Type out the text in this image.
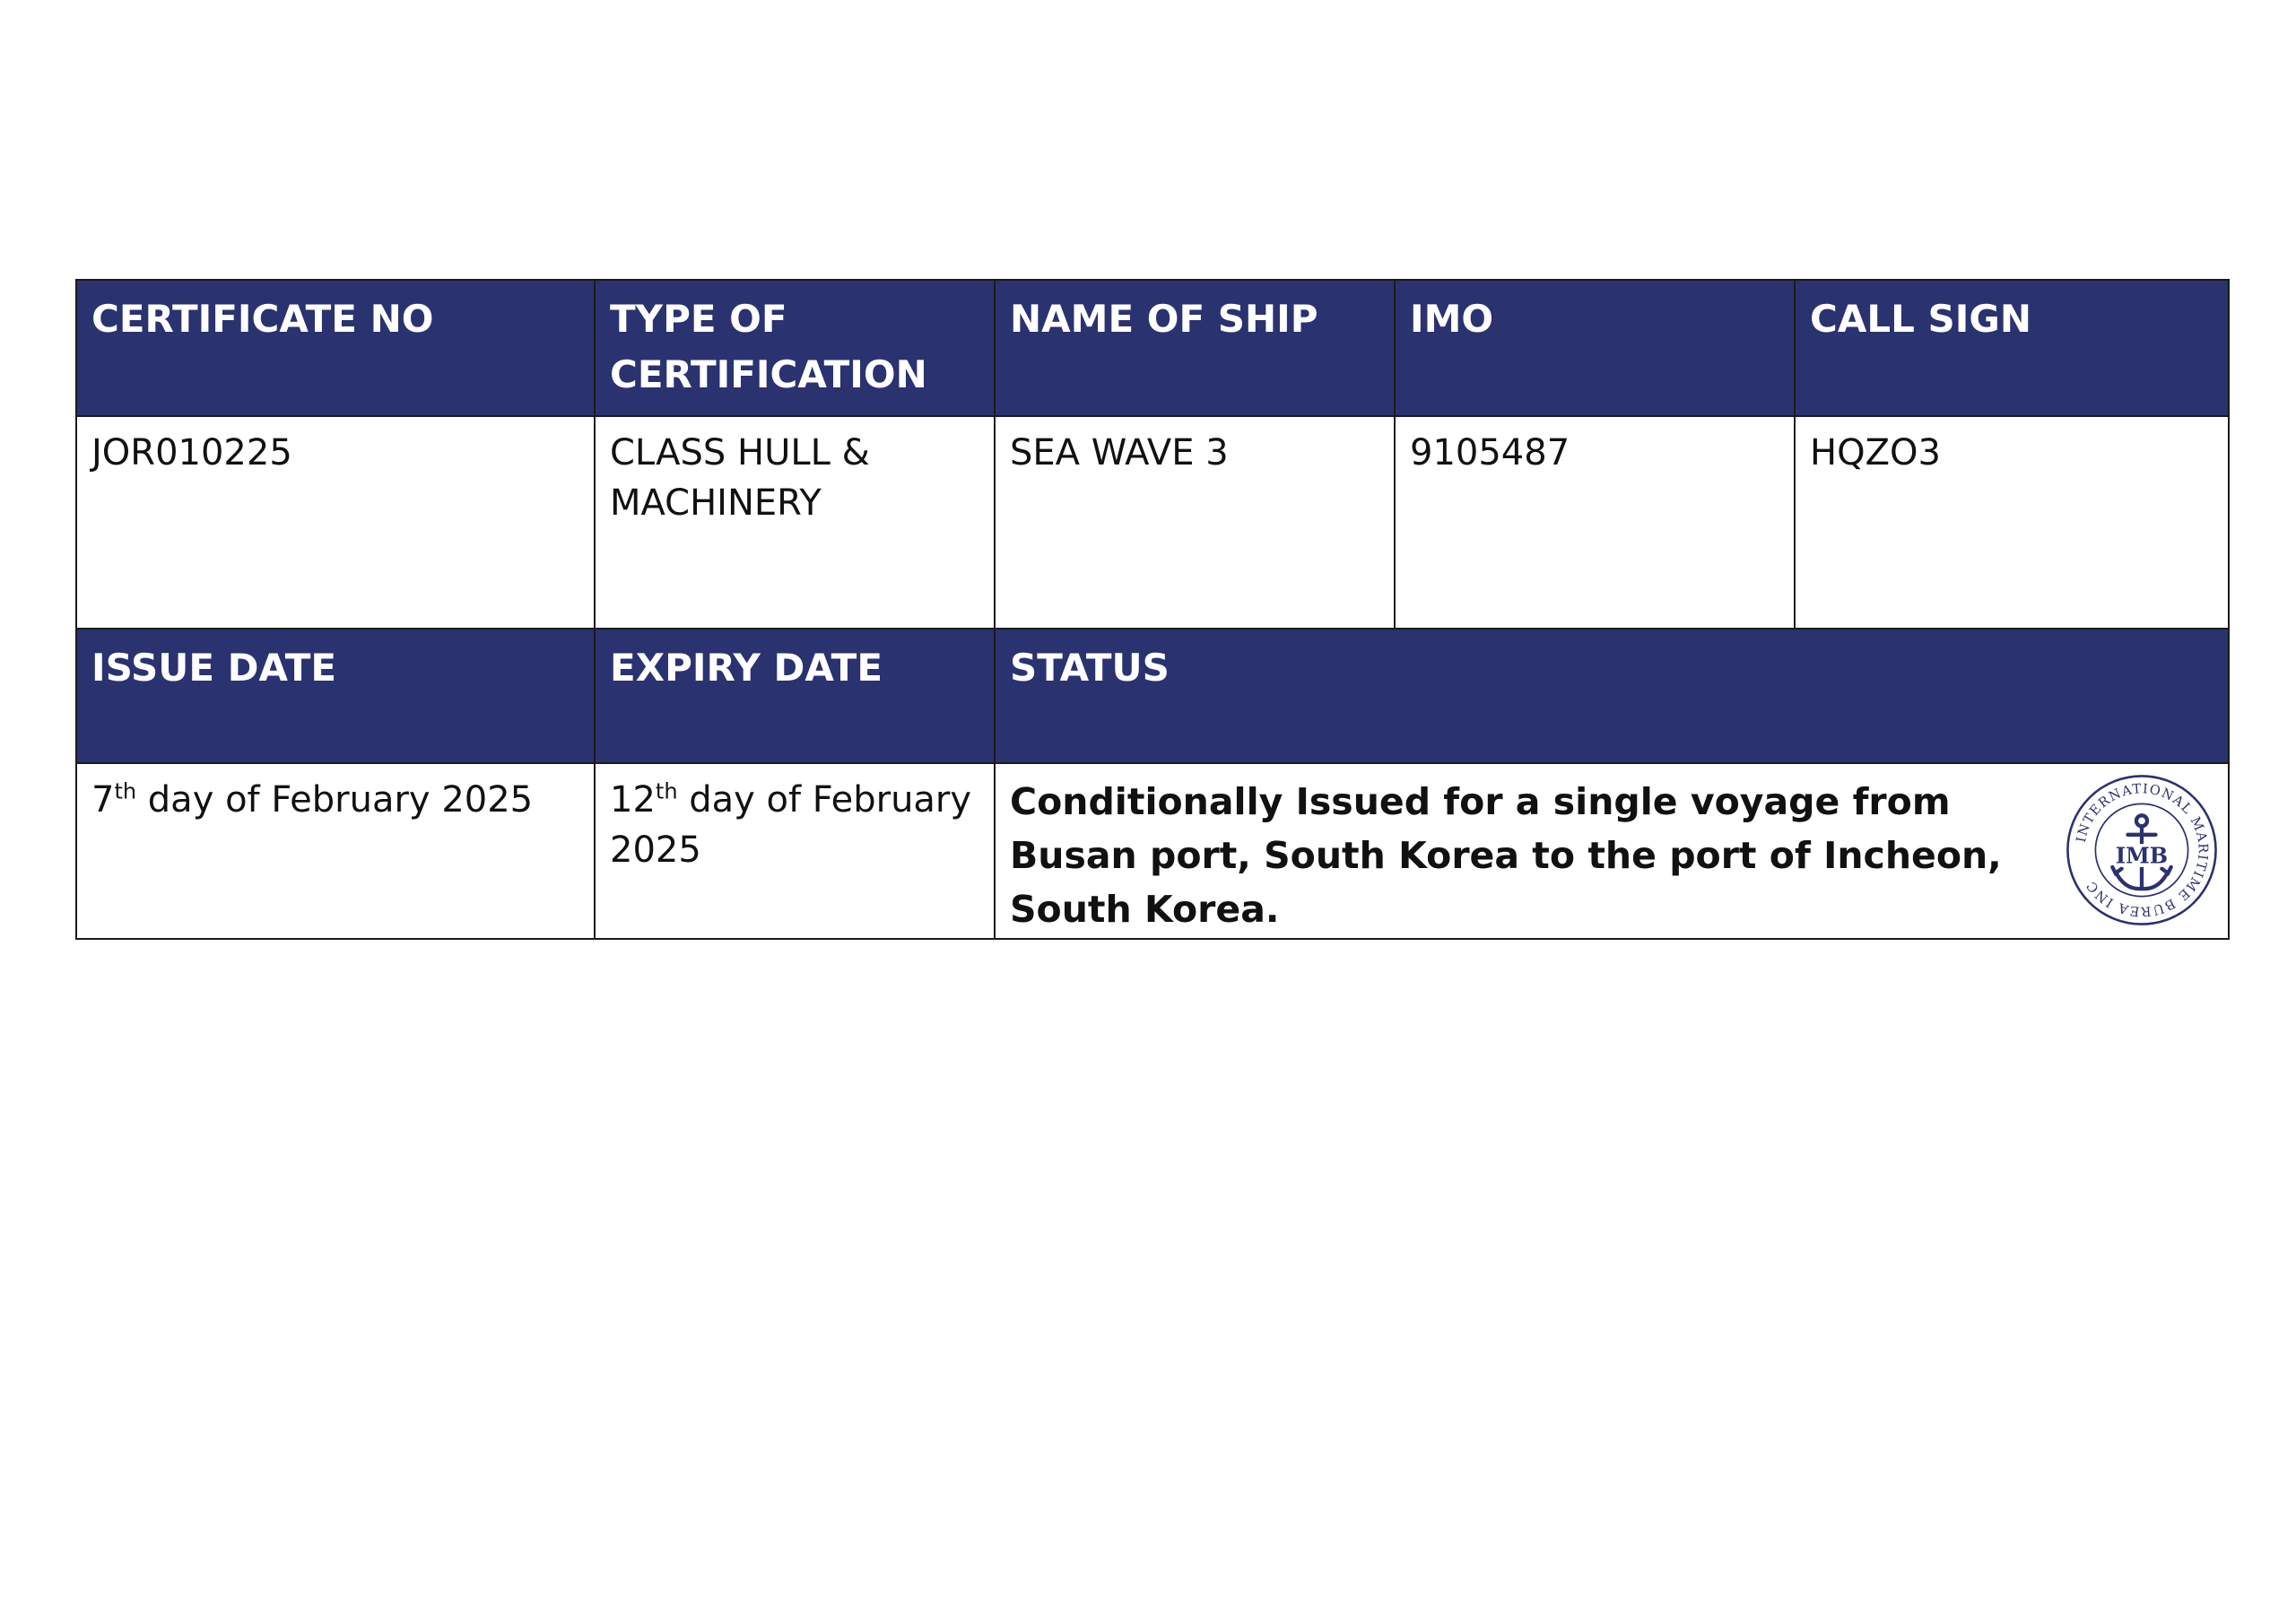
CERTIFICATE NO	TYPE OF CERTIFICATION	NAME OF SHIP	IMO	CALL SIGN
JOR010225	CLASS HULL & MACHINERY	SEA WAVE 3	9105487	HQZO3
ISSUE DATE	EXPIRY DATE	STATUS		
7th day of February 2025	12th day of February 2025	Conditionally Issued for a single voyage from Busan port, South Korea to the port of Incheon, South Korea.
INTERNATIONAL MARITIME BUREA INC
IMB		
